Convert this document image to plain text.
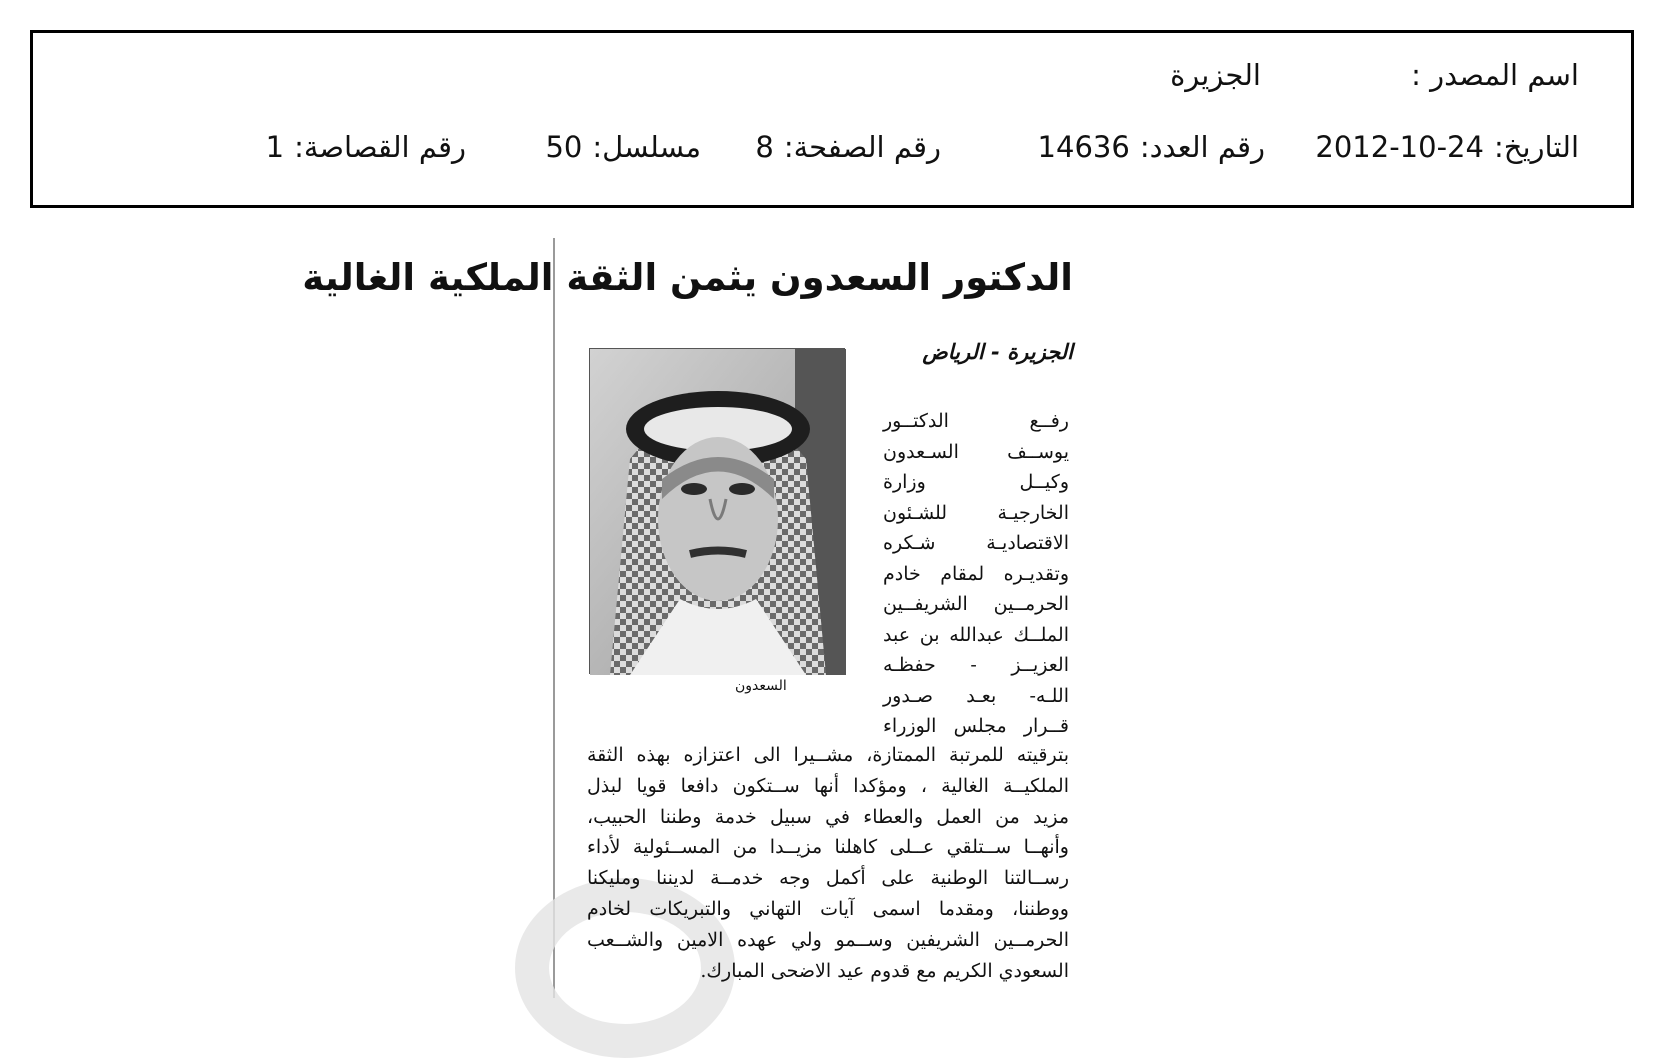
اسم المصدر :
الجزيرة
التاريخ:2012-10-24
رقم العدد:14636
رقم الصفحة:8
مسلسل:50
رقم القصاصة:1
الدكتور السعدون يثمن الثقة الملكية الغالية
الجزيرة - الرياض
السعدون
رفــع الدكتــور
يوســف السـعدون
وكيــل وزارة
الخارجيـة للشـئون
الاقتصاديـة شـكره
وتقديـره لمقام خادم
الحرمــين الشريفــين
الملــك عبدالله بن عبد
العزيــز - حفظـه
اللـه- بعـد صـدور
قــرار مجلس الوزراء
بترقيته للمرتبة الممتازة، مشــيرا الى اعتزازه بهذه الثقة
الملكيــة الغالية ، ومؤكدا أنها ســتكون دافعا قويا لبذل
مزيد من العمل والعطاء في سبيل خدمة وطننا الحبيب،
وأنهــا ســتلقي عــلى كاهلنا مزيــدا من المســئولية لأداء
رســالتنا الوطنية على أكمل وجه خدمــة لديننا ومليكنا
ووطننا، ومقدما اسمى آيات التهاني والتبريكات لخادم
الحرمــين الشريفين وســمو ولي عهده الامين والشــعب
السعودي الكريم مع قدوم عيد الاضحى المبارك.
